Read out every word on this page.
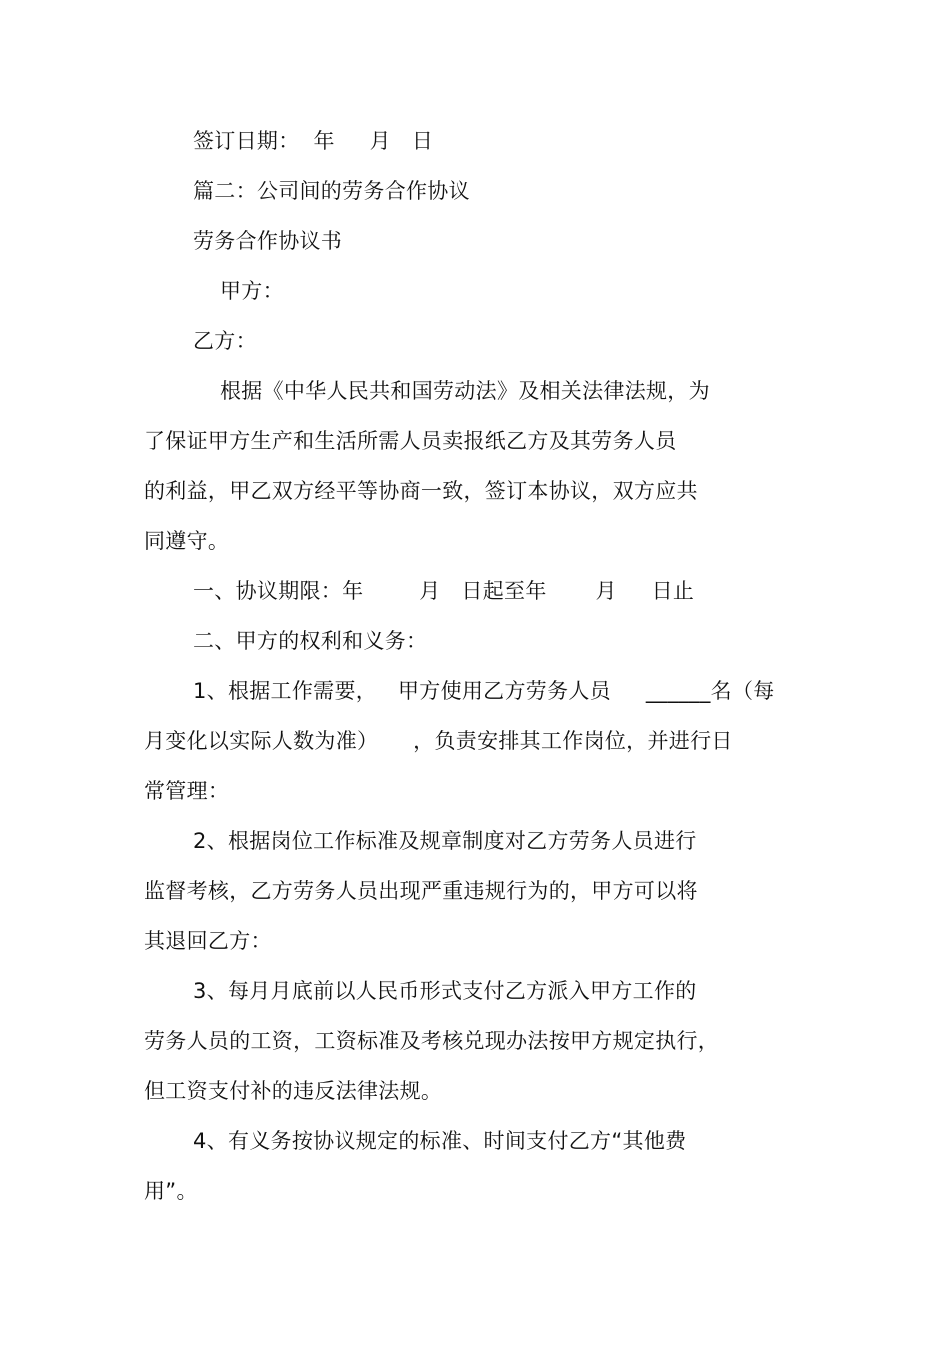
签订日期：  年     月   日
篇二：公司间的劳务合作协议
劳务合作协议书
甲方：
乙方：
根据《中华人民共和国劳动法》及相关法律法规，为
了保证甲方生产和生活所需人员卖报纸乙方及其劳务人员
的利益，甲乙双方经平等协商一致，签订本协议，双方应共
同遵守。
一、协议期限：年        月   日起至年       月     日止
二、甲方的权利和义务：
1、根据工作需要，   甲方使用乙方劳务人员     ______名（每
月变化以实际人数为准）     ，负责安排其工作岗位，并进行日
常管理：
2、根据岗位工作标准及规章制度对乙方劳务人员进行
监督考核，乙方劳务人员出现严重违规行为的，甲方可以将
其退回乙方：
3、每月月底前以人民币形式支付乙方派入甲方工作的
劳务人员的工资，工资标准及考核兑现办法按甲方规定执行，
但工资支付补的违反法律法规。
4、有义务按协议规定的标准、时间支付乙方“其他费
用”。
